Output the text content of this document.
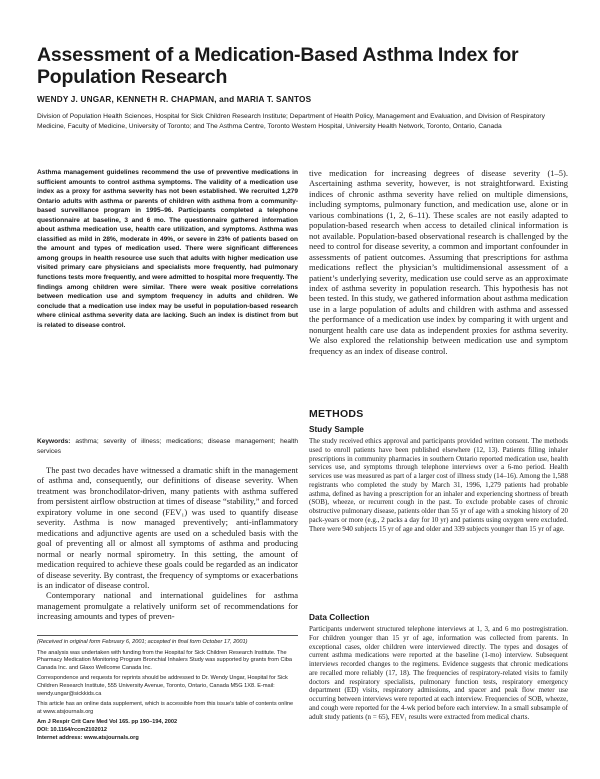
Assessment of a Medication-Based Asthma Index for Population Research
WENDY J. UNGAR, KENNETH R. CHAPMAN, and MARIA T. SANTOS
Division of Population Health Sciences, Hospital for Sick Children Research Institute; Department of Health Policy, Management and Evaluation, and Division of Respiratory Medicine, Faculty of Medicine, University of Toronto; and The Asthma Centre, Toronto Western Hospital, University Health Network, Toronto, Ontario, Canada
Asthma management guidelines recommend the use of preventive medications in sufficient amounts to control asthma symptoms. The validity of a medication use index as a proxy for asthma severity has not been established. We recruited 1,279 Ontario adults with asthma or parents of children with asthma from a community-based surveillance program in 1995–96. Participants completed a telephone questionnaire at baseline, 3 and 6 mo. The questionnaire gathered information about asthma medication use, health care utilization, and symptoms. Asthma was classified as mild in 28%, moderate in 49%, or severe in 23% of patients based on the amount and types of medication used. There were significant differences among groups in health resource use such that adults with higher medication use visited primary care physicians and specialists more frequently, had pulmonary functions tests more frequently, and were admitted to hospital more frequently. The findings among children were similar. There were weak positive correlations between medication use and symptom frequency in adults and children. We conclude that a medication use index may be useful in population-based research where clinical asthma severity data are lacking. Such an index is distinct from but is related to disease control.
Keywords: asthma; severity of illness; medications; disease management; health services

The past two decades have witnessed a dramatic shift in the management of asthma and, consequently, our definitions of disease severity. When treatment was bronchodilator-driven, many patients with asthma suffered from persistent airflow obstruction at times of disease “stability,” and forced expiratory volume in one second (FEV₁) was used to quantify disease severity. Asthma is now managed preventively; anti-inflammatory medications and adjunctive agents are used on a scheduled basis with the goal of preventing all or almost all symptoms of asthma and producing normal or nearly normal spirometry. In this setting, the amount of medication required to achieve these goals could be regarded as an indicator of disease severity. By contrast, the frequency of symptoms or exacerbations is an indicator of disease control.

Contemporary national and international guidelines for asthma management promulgate a relatively uniform set of recommendations for increasing amounts and types of preven-

(Received in original form February 6, 2001; accepted in final form October 17, 2001)

The analysis was undertaken with funding from the Hospital for Sick Children Research Institute. The Pharmacy Medication Monitoring Program Bronchial Inhalers Study was supported by grants from Ciba Canada Inc. and Glaxo Wellcome Canada Inc.

Correspondence and requests for reprints should be addressed to Dr. Wendy Ungar, Hospital for Sick Children Research Institute, 555 University Avenue, Toronto, Ontario, Canada M5G 1X8. E-mail: wendy.ungar@sickkids.ca

This article has an online data supplement, which is accessible from this issue’s table of contents online at www.atsjournals.org

Am J Respir Crit Care Med Vol 165. pp 190–194, 2002

DOI: 10.1164/rccm2102012

Internet address: www.atsjournals.org

tive medication for increasing degrees of disease severity (1–5). Ascertaining asthma severity, however, is not straightforward. Existing indices of chronic asthma severity have relied on multiple dimensions, including symptoms, pulmonary function, and medication use, alone or in various combinations (1, 2, 6–11). These scales are not easily adapted to population-based research when access to detailed clinical information is not available. Population-based observational research is challenged by the need to control for disease severity, a common and important confounder in assessments of patient outcomes. Assuming that prescriptions for asthma medications reflect the physician’s multidimensional assessment of a patient’s underlying severity, medication use could serve as an approximate index of asthma severity in population research. This hypothesis has not been tested. In this study, we gathered information about asthma medication use in a large population of adults and children with asthma and assessed the performance of a medication use index by comparing it with urgent and nonurgent health care use data as independent proxies for asthma severity. We also explored the relationship between medication use and symptom frequency as an index of disease control.

METHODS
Study Sample

The study received ethics approval and participants provided written consent. The methods used to enroll patients have been published elsewhere (12, 13). Patients filling inhaler prescriptions in community pharmacies in southern Ontario reported medication use, health services use, and symptoms through telephone interviews over a 6-mo period. Health services use was measured as part of a larger cost of illness study (14–16). Among the 1,588 registrants who completed the study by March 31, 1996, 1,279 patients had probable asthma, defined as having a prescription for an inhaler and experiencing shortness of breath (SOB), wheeze, or recurrent cough in the past. To exclude probable cases of chronic obstructive pulmonary disease, patients older than 55 yr of age with a smoking history of 20 pack-years or more (e.g., 2 packs a day for 10 yr) and patients using oxygen were excluded. There were 940 subjects 15 yr of age and older and 339 subjects younger than 15 yr of age.

Data Collection

Participants underwent structured telephone interviews at 1, 3, and 6 mo postregistration. For children younger than 15 yr of age, information was collected from parents. In exceptional cases, older children were interviewed directly. The types and dosages of current asthma medications were reported at the baseline (1-mo) interview. Subsequent interviews recorded changes to the regimens. Evidence suggests that chronic medications are recalled more reliably (17, 18). The frequencies of respiratory-related visits to family doctors and respiratory specialists, pulmonary function tests, respiratory emergency department (ED) visits, respiratory admissions, and spacer and peak flow meter use occurring between interviews were reported at each interview. Frequencies of SOB, wheeze, and cough were reported for the 4-wk period before each interview. In a small subsample of adult study patients (n = 65), FEV₁ results were extracted from medical charts.
